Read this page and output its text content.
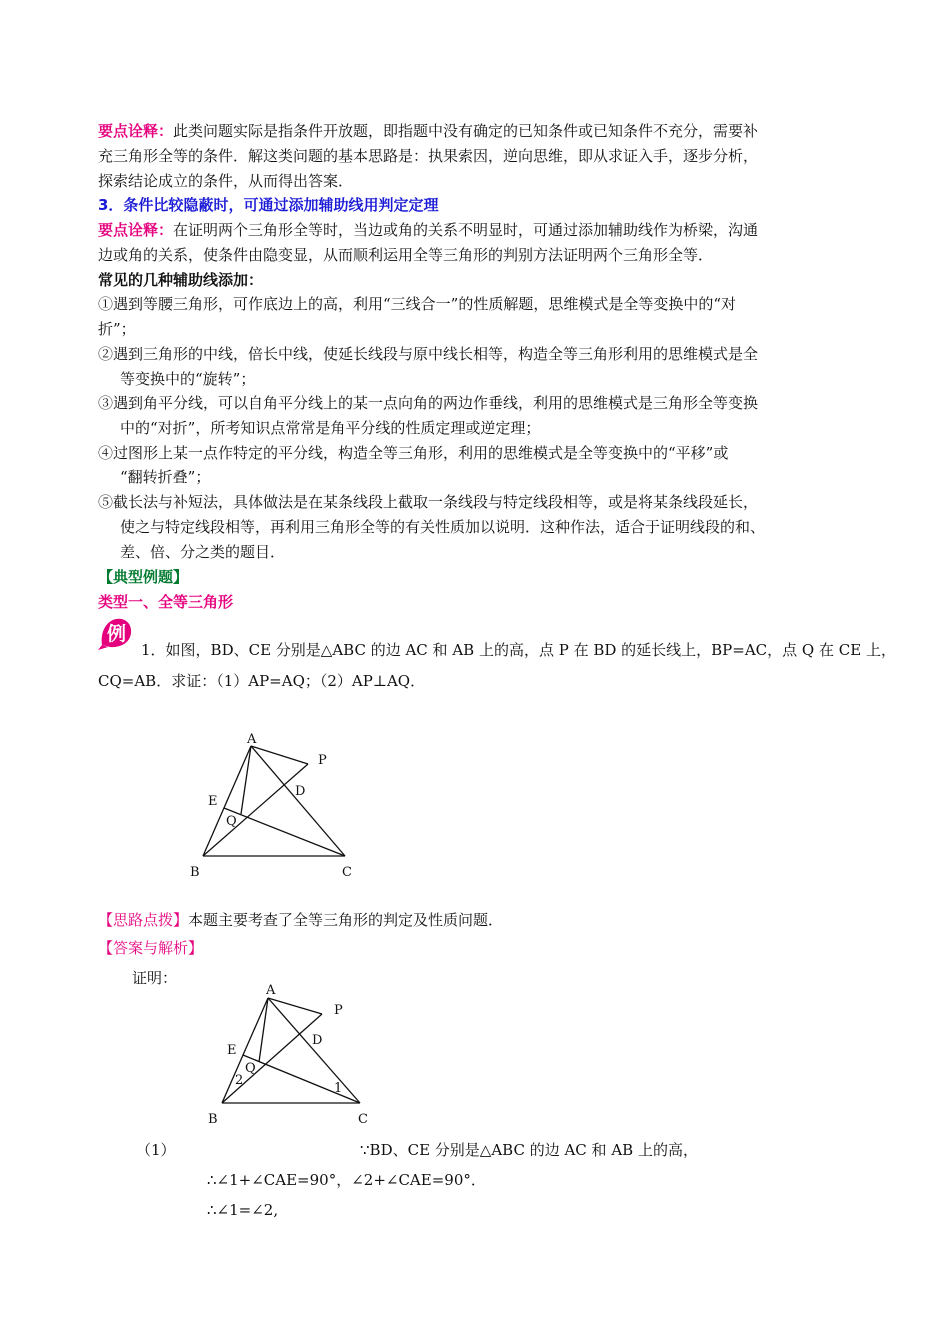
要点诠释：此类问题实际是指条件开放题，即指题中没有确定的已知条件或已知条件不充分，需要补
充三角形全等的条件．解这类问题的基本思路是：执果索因，逆向思维，即从求证入手，逐步分析，
探索结论成立的条件，从而得出答案．
3．条件比较隐蔽时，可通过添加辅助线用判定定理
要点诠释：在证明两个三角形全等时，当边或角的关系不明显时，可通过添加辅助线作为桥梁，沟通
边或角的关系，使条件由隐变显，从而顺利运用全等三角形的判别方法证明两个三角形全等．
常见的几种辅助线添加：
①遇到等腰三角形，可作底边上的高，利用“三线合一”的性质解题，思维模式是全等变换中的“对
折”；
②遇到三角形的中线，倍长中线，使延长线段与原中线长相等，构造全等三角形利用的思维模式是全
等变换中的“旋转”；
③遇到角平分线，可以自角平分线上的某一点向角的两边作垂线，利用的思维模式是三角形全等变换
中的“对折”，所考知识点常常是角平分线的性质定理或逆定理；
④过图形上某一点作特定的平分线，构造全等三角形，利用的思维模式是全等变换中的“平移”或
“翻转折叠”；
⑤截长法与补短法，具体做法是在某条线段上截取一条线段与特定线段相等，或是将某条线段延长，
使之与特定线段相等，再利用三角形全等的有关性质加以说明．这种作法，适合于证明线段的和、
差、倍、分之类的题目．
【典型例题】
类型一、全等三角形
例
1．如图，BD、CE 分别是△ABC 的边 AC 和 AB 上的高，点 P 在 BD 的延长线上，BP=AC，点 Q 在 CE 上，
CQ=AB．求证：（1）AP=AQ；（2）AP⊥AQ．
A
P
D
E
Q
B	C
【思路点拨】本题主要考查了全等三角形的判定及性质问题．
【答案与解析】
证明：
A
P
D
E
Q
2
1
B	C
（1）	∵BD、CE 分别是△ABC 的边 AC 和 AB 上的高，
∴∠1+∠CAE=90°，∠2+∠CAE=90°．
∴∠1=∠2,
